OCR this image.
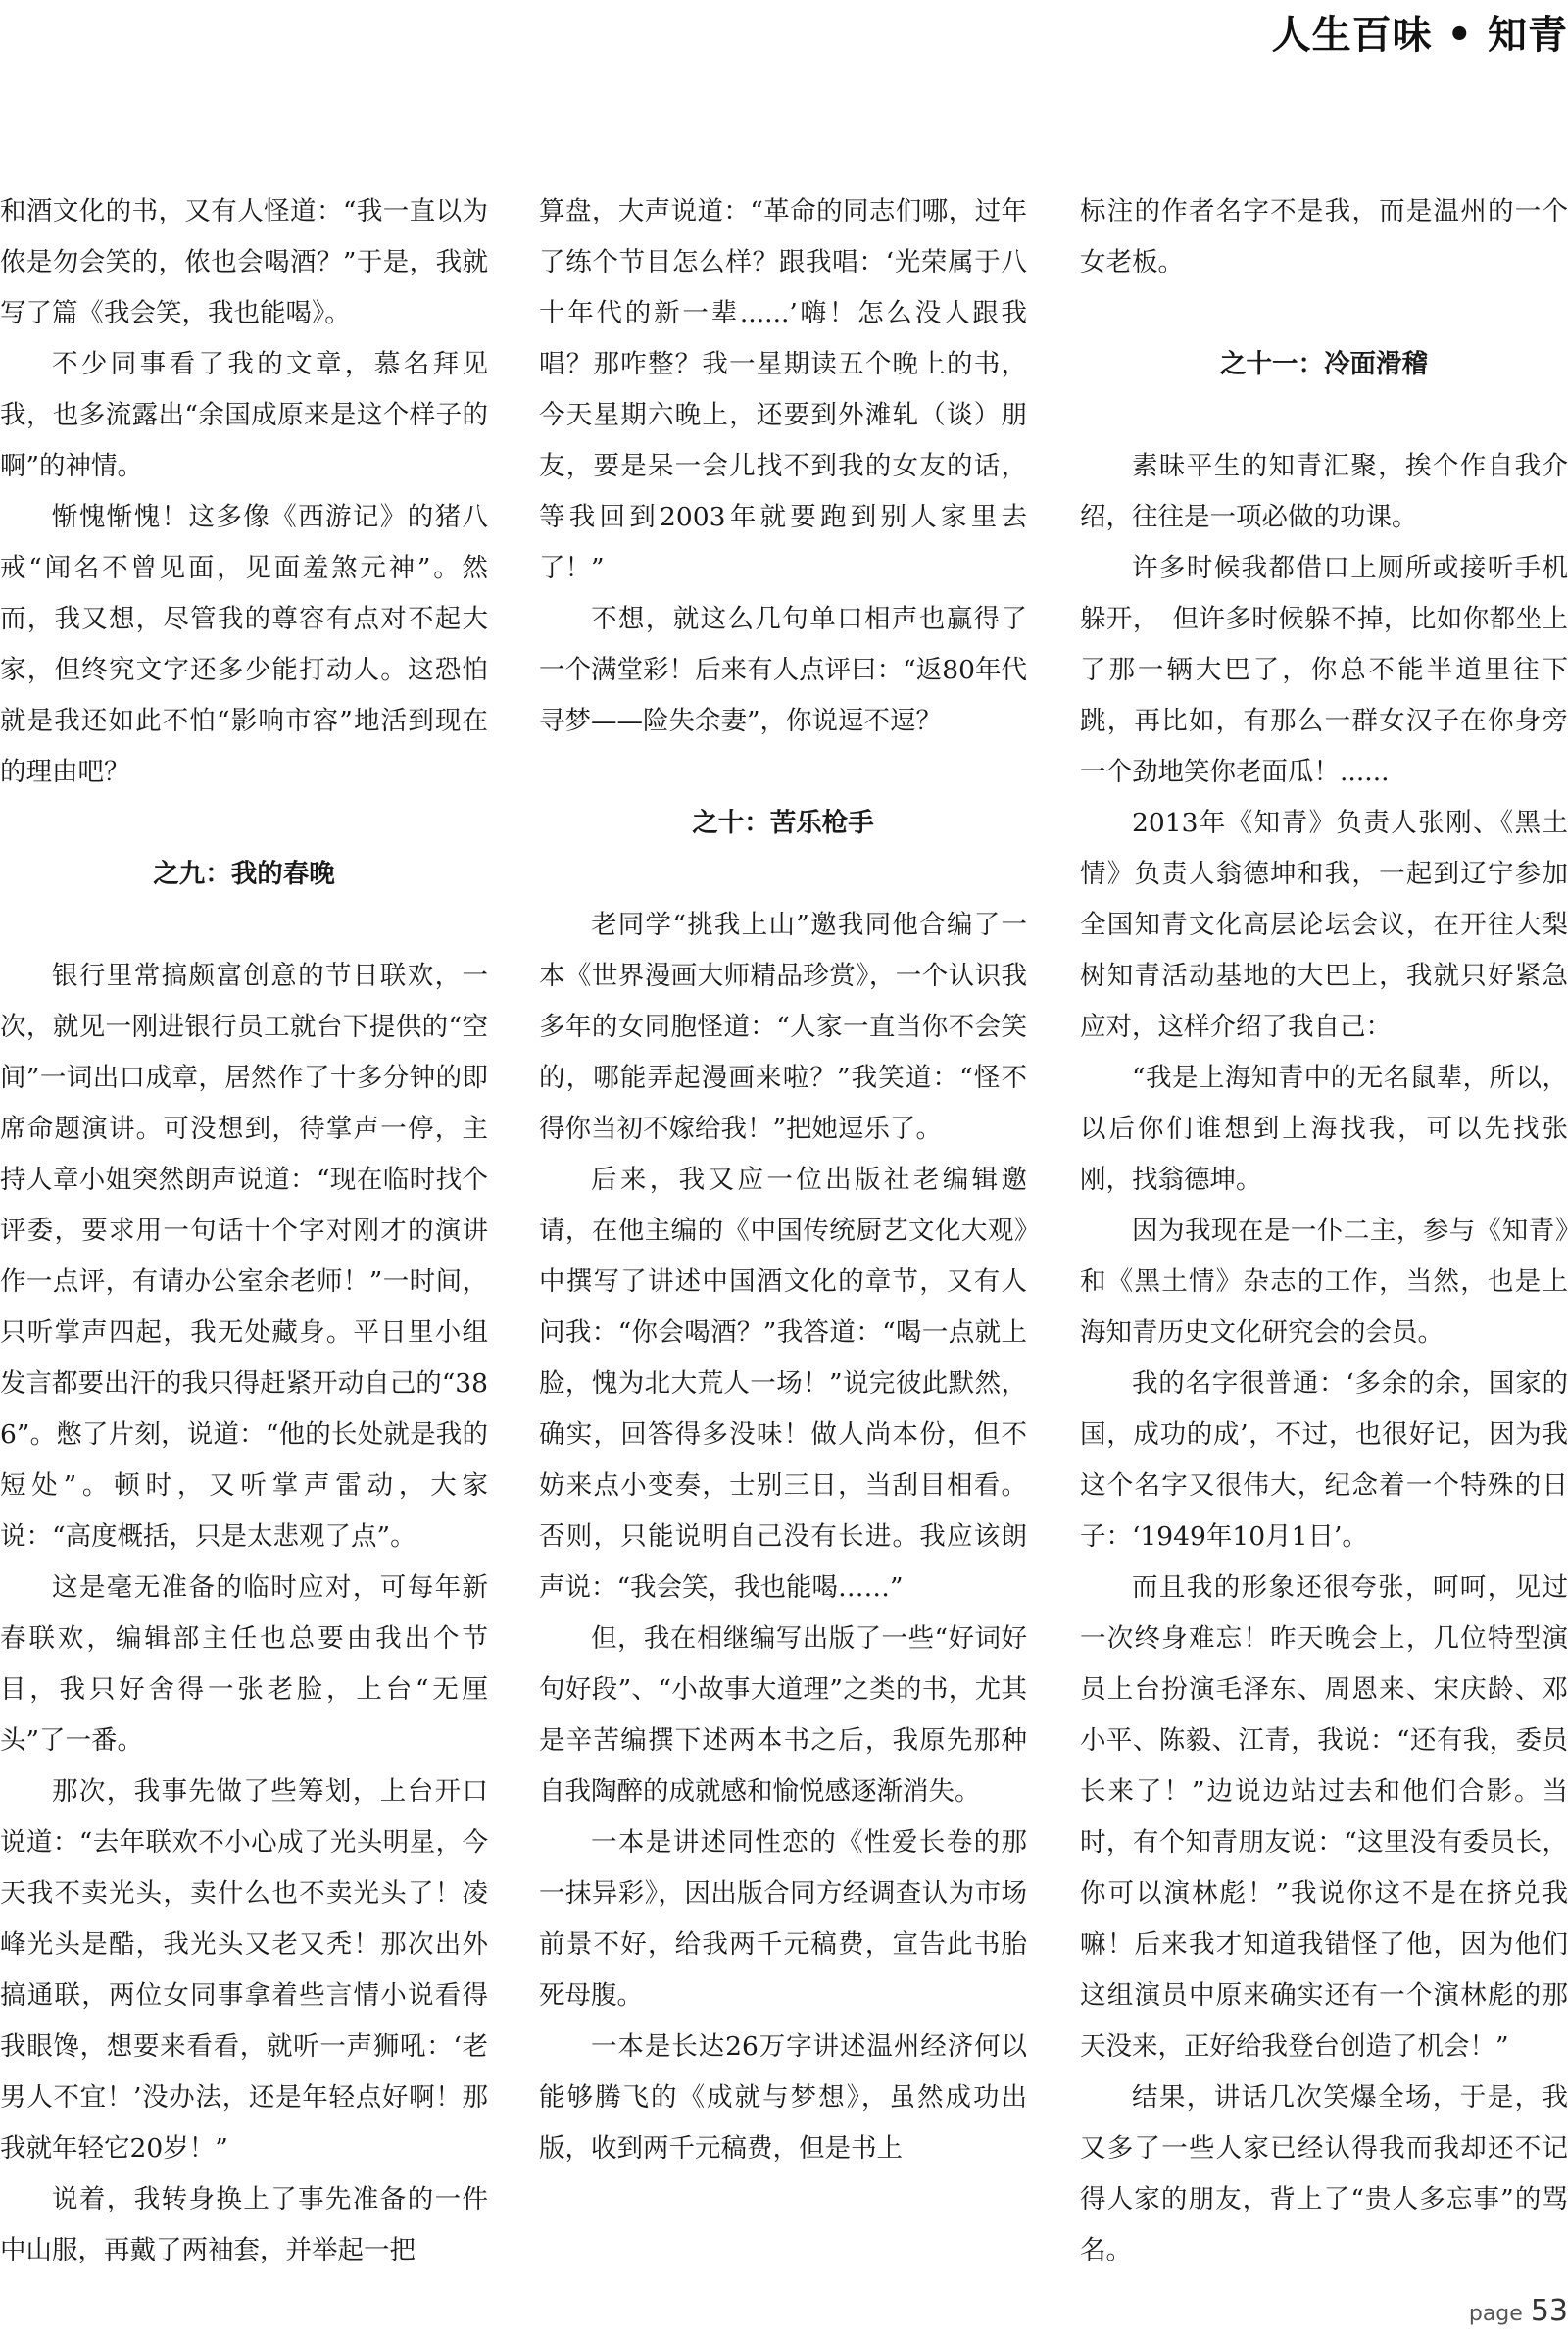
人生百味 • 知青

和酒文化的书，又有人怪道：“我一直以为侬是勿会笑的，侬也会喝酒？”于是，我就写了篇《我会笑，我也能喝》。

不少同事看了我的文章，慕名拜见我，也多流露出“余国成原来是这个样子的啊”的神情。

惭愧惭愧！这多像《西游记》的猪八戒“闻名不曾见面，见面羞煞元神”。然而，我又想，尽管我的尊容有点对不起大家，但终究文字还多少能打动人。这恐怕就是我还如此不怕“影响市容”地活到现在的理由吧？

之九：我的春晚

银行里常搞颇富创意的节日联欢，一次，就见一刚进银行员工就台下提供的“空间”一词出口成章，居然作了十多分钟的即席命题演讲。可没想到，待掌声一停，主持人章小姐突然朗声说道：“现在临时找个评委，要求用一句话十个字对刚才的演讲作一点评，有请办公室余老师！”一时间，只听掌声四起，我无处藏身。平日里小组发言都要出汗的我只得赶紧开动自己的“386”。憋了片刻，说道：“他的长处就是我的短处”。顿时，又听掌声雷动，大家说：“高度概括，只是太悲观了点”。

这是毫无准备的临时应对，可每年新春联欢，编辑部主任也总要由我出个节目，我只好舍得一张老脸，上台“无厘头”了一番。

那次，我事先做了些筹划，上台开口说道：“去年联欢不小心成了光头明星，今天我不卖光头，卖什么也不卖光头了！凌峰光头是酷，我光头又老又秃！那次出外搞通联，两位女同事拿着些言情小说看得我眼馋，想要来看看，就听一声狮吼：‘老男人不宜！’没办法，还是年轻点好啊！那我就年轻它20岁！”

说着，我转身换上了事先准备的一件中山服，再戴了两袖套，并举起一把

算盘，大声说道：“革命的同志们哪，过年了练个节目怎么样？跟我唱：‘光荣属于八十年代的新一辈......’嗨！怎么没人跟我唱？那咋整？我一星期读五个晚上的书，今天星期六晚上，还要到外滩轧（谈）朋友，要是呆一会儿找不到我的女友的话，等我回到2003年就要跑到别人家里去了！”

不想，就这么几句单口相声也赢得了一个满堂彩！后来有人点评曰：“返80年代寻梦——险失余妻”，你说逗不逗？

之十：苦乐枪手

老同学“挑我上山”邀我同他合编了一本《世界漫画大师精品珍赏》，一个认识我多年的女同胞怪道：“人家一直当你不会笑的，哪能弄起漫画来啦？”我笑道：“怪不得你当初不嫁给我！”把她逗乐了。

后来，我又应一位出版社老编辑邀请，在他主编的《中国传统厨艺文化大观》中撰写了讲述中国酒文化的章节，又有人问我：“你会喝酒？”我答道：“喝一点就上脸，愧为北大荒人一场！”说完彼此默然，确实，回答得多没味！做人尚本份，但不妨来点小变奏，士别三日，当刮目相看。否则，只能说明自己没有长进。我应该朗声说：“我会笑，我也能喝……”

但，我在相继编写出版了一些“好词好句好段”、“小故事大道理”之类的书，尤其是辛苦编撰下述两本书之后，我原先那种自我陶醉的成就感和愉悦感逐渐消失。

一本是讲述同性恋的《性爱长卷的那一抹异彩》，因出版合同方经调查认为市场前景不好，给我两千元稿费，宣告此书胎死母腹。

一本是长达26万字讲述温州经济何以能够腾飞的《成就与梦想》，虽然成功出版，收到两千元稿费，但是书上

标注的作者名字不是我，而是温州的一个女老板。

之十一：冷面滑稽

素昧平生的知青汇聚，挨个作自我介绍，往往是一项必做的功课。

许多时候我都借口上厕所或接听手机躲开，　但许多时候躲不掉，比如你都坐上了那一辆大巴了，你总不能半道里往下跳，再比如，有那么一群女汉子在你身旁一个劲地笑你老面瓜！......

2013年《知青》负责人张刚、《黑土情》负责人翁德坤和我，一起到辽宁参加全国知青文化高层论坛会议，在开往大梨树知青活动基地的大巴上，我就只好紧急应对，这样介绍了我自己：

“我是上海知青中的无名鼠辈，所以，以后你们谁想到上海找我，可以先找张刚，找翁德坤。

因为我现在是一仆二主，参与《知青》和《黑土情》杂志的工作，当然，也是上海知青历史文化研究会的会员。

我的名字很普通：‘多余的余，国家的国，成功的成’，不过，也很好记，因为我这个名字又很伟大，纪念着一个特殊的日子：‘1949年10月1日’。

而且我的形象还很夸张，呵呵，见过一次终身难忘！昨天晚会上，几位特型演员上台扮演毛泽东、周恩来、宋庆龄、邓小平、陈毅、江青，我说：“还有我，委员长来了！”边说边站过去和他们合影。当时，有个知青朋友说：“这里没有委员长，你可以演林彪！”我说你这不是在挤兑我嘛！后来我才知道我错怪了他，因为他们这组演员中原来确实还有一个演林彪的那天没来，正好给我登台创造了机会！”

结果，讲话几次笑爆全场，于是，我又多了一些人家已经认得我而我却还不记得人家的朋友，背上了“贵人多忘事”的骂名。

page 53
